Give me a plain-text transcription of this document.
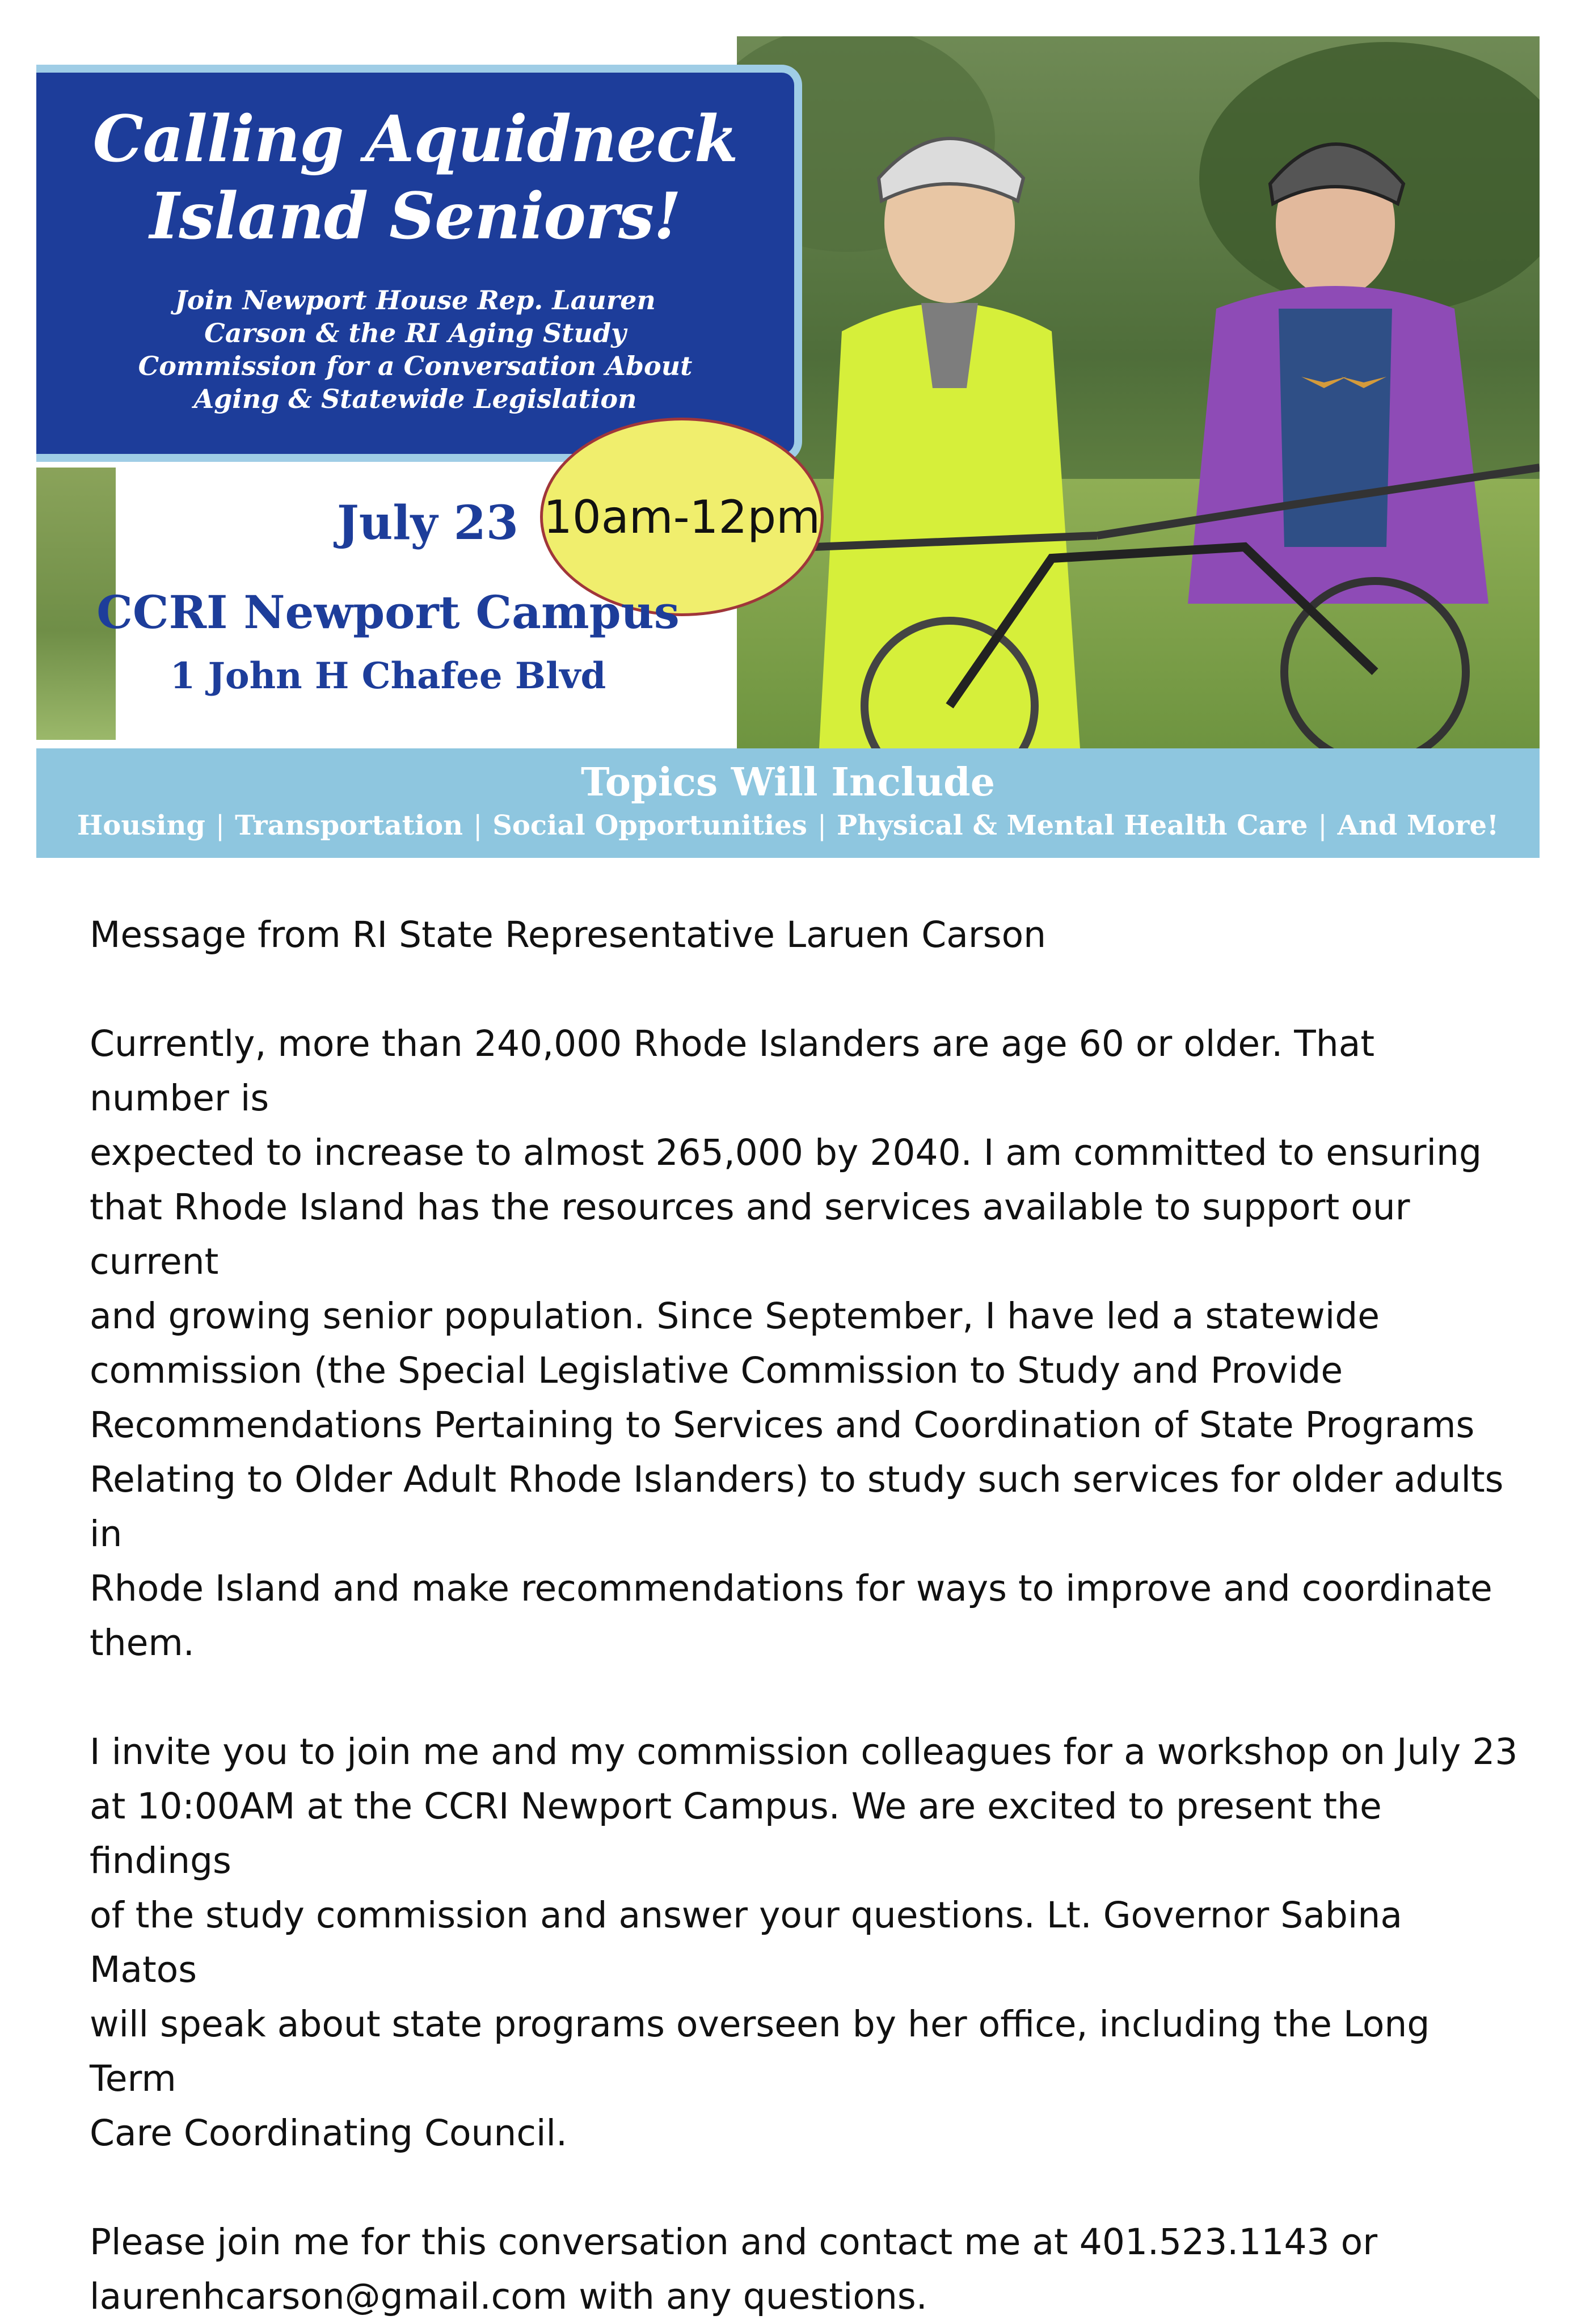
Calling Aquidneck
Island Seniors!
Join Newport House Rep. Lauren
Carson & the RI Aging Study
Commission for a Conversation About
Aging & Statewide Legislation
July 23 10am-12pm
CCRI Newport Campus
1 John H Chafee Blvd
Topics Will Include
Housing | Transportation | Social Opportunities | Physical & Mental Health Care | And More!

Message from RI State Representative Laruen Carson

Currently, more than 240,000 Rhode Islanders are age 60 or older. That number is

expected to increase to almost 265,000 by 2040. I am committed to ensuring

that Rhode Island has the resources and services available to support our current

and growing senior population. Since September, I have led a statewide

commission (the Special Legislative Commission to Study and Provide

Recommendations Pertaining to Services and Coordination of State Programs

Relating to Older Adult Rhode Islanders) to study such services for older adults in

Rhode Island and make recommendations for ways to improve and coordinate

them.

I invite you to join me and my commission colleagues for a workshop on July 23

at 10:00AM at the CCRI Newport Campus. We are excited to present the findings

of the study commission and answer your questions. Lt. Governor Sabina Matos

will speak about state programs overseen by her office, including the Long Term

Care Coordinating Council.

Please join me for this conversation and contact me at 401.523.1143 or

laurenhcarson@gmail.com with any questions.
